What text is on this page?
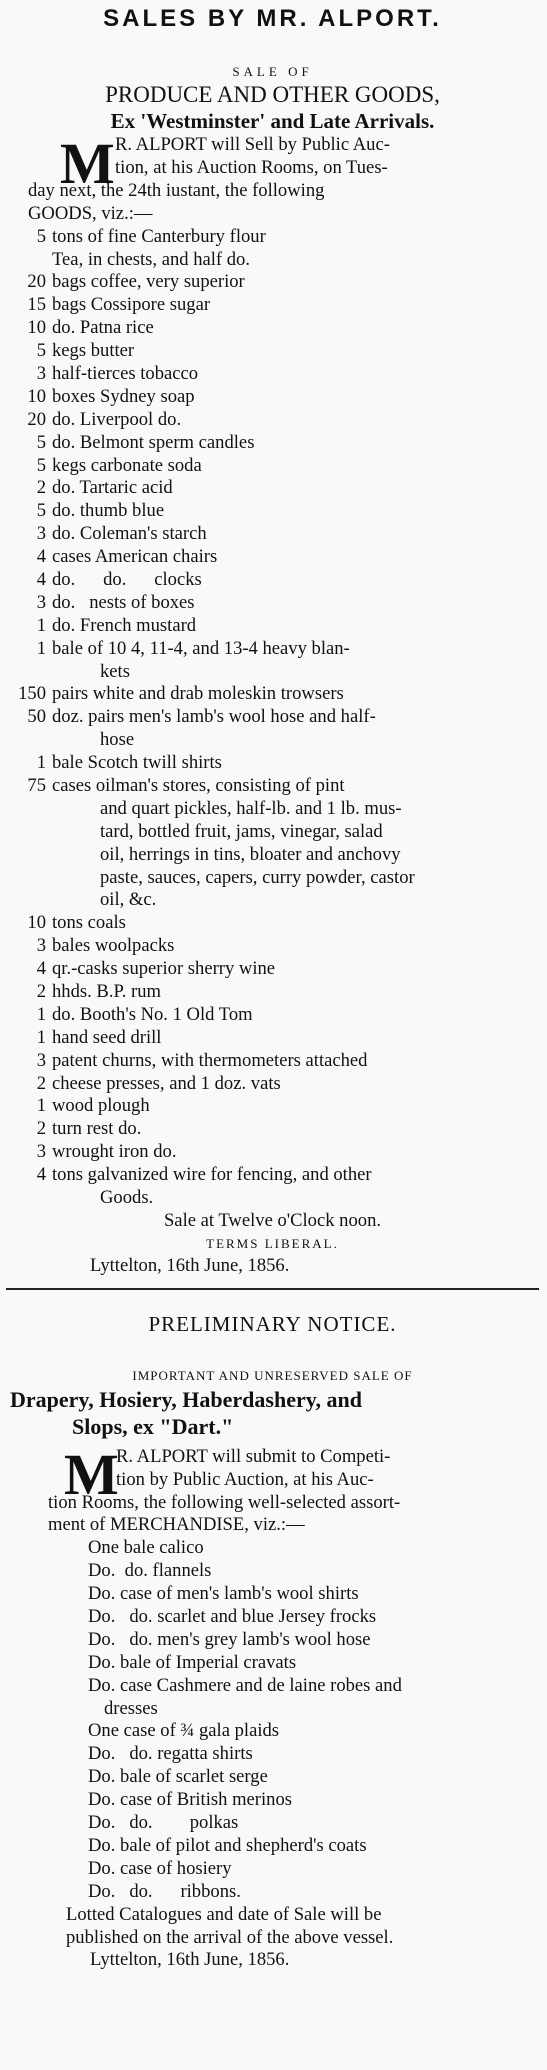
SALES BY MR. ALPORT.
SALE OF
PRODUCE AND OTHER GOODS,
Ex 'Westminster' and Late Arrivals.
M R. ALPORT will Sell by Public Auc-
tion, at his Auction Rooms, on Tues-
day next, the 24th iustant, the following
GOODS, viz.:—
5 tons of fine Canterbury flour
Tea, in chests, and half do.
20 bags coffee, very superior
15 bags Cossipore sugar
10 do. Patna rice
5 kegs butter
3 half-tierces tobacco
10 boxes Sydney soap
20 do. Liverpool do.
5 do. Belmont sperm candles
5 kegs carbonate soda
2 do. Tartaric acid
5 do. thumb blue
3 do. Coleman's starch
4 cases American chairs
4 do.      do.      clocks
3 do.   nests of boxes
1 do. French mustard
1 bale of 10 4, 11-4, and 13-4 heavy blan-
kets
150 pairs white and drab moleskin trowsers
50 doz. pairs men's lamb's wool hose and half-
hose
1 bale Scotch twill shirts
75 cases oilman's stores, consisting of pint
and quart pickles, half-lb. and 1 lb. mus-
tard, bottled fruit, jams, vinegar, salad
oil, herrings in tins, bloater and anchovy
paste, sauces, capers, curry powder, castor
oil, &c.
10 tons coals
3 bales woolpacks
4 qr.-casks superior sherry wine
2 hhds. B.P. rum
1 do. Booth's No. 1 Old Tom
1 hand seed drill
3 patent churns, with thermometers attached
2 cheese presses, and 1 doz. vats
1 wood plough
2 turn rest do.
3 wrought iron do.
4 tons galvanized wire for fencing, and other
Goods.
Sale at Twelve o'Clock noon.
TERMS LIBERAL.
Lyttelton, 16th June, 1856.
PRELIMINARY NOTICE.
IMPORTANT AND UNRESERVED SALE OF
Drapery, Hosiery, Haberdashery, and
Slops, ex "Dart."
M
R. ALPORT will submit to Competi-
tion by Public Auction, at his Auc-
tion Rooms, the following well-selected assort-
ment of MERCHANDISE, viz.:—
One bale calico
Do.  do. flannels
Do. case of men's lamb's wool shirts
Do.   do. scarlet and blue Jersey frocks
Do.   do. men's grey lamb's wool hose
Do. bale of Imperial cravats
Do. case Cashmere and de laine robes and
dresses
One case of ¾ gala plaids
Do.   do. regatta shirts
Do. bale of scarlet serge
Do. case of British merinos
Do.   do.        polkas
Do. bale of pilot and shepherd's coats
Do. case of hosiery
Do.   do.      ribbons.
Lotted Catalogues and date of Sale will be
published on the arrival of the above vessel.
Lyttelton, 16th June, 1856.
